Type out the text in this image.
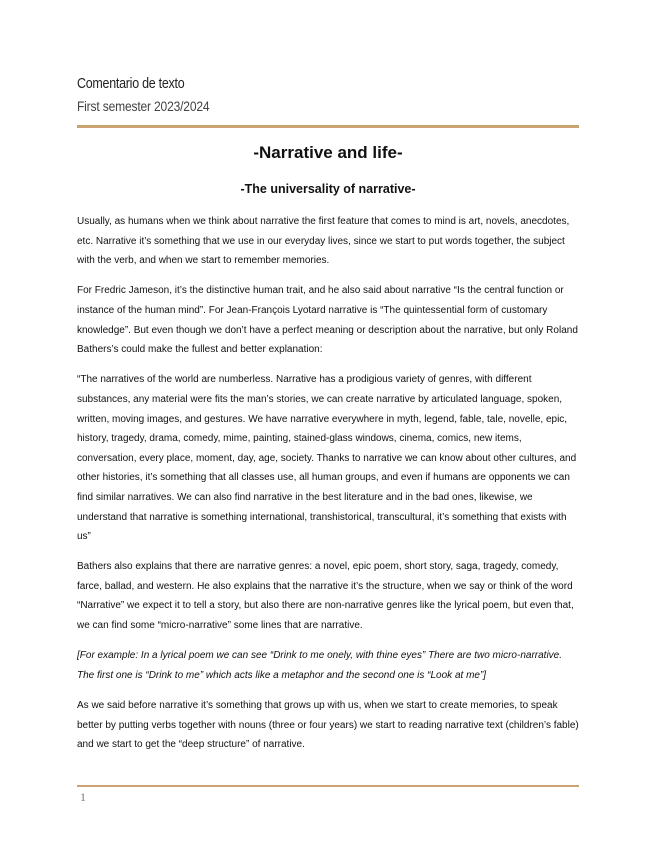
Comentario de texto
First semester 2023/2024
-Narrative and life-
-The universality of narrative-

Usually, as humans when we think about narrative the first feature that comes to mind is art, novels, anecdotes, etc. Narrative it’s something that we use in our everyday lives, since we start to put words together, the subject with the verb, and when we start to remember memories.

For Fredric Jameson, it’s the distinctive human trait, and he also said about narrative “Is the central function or instance of the human mind”. For Jean-François Lyotard narrative is “The quintessential form of customary knowledge”. But even though we don’t have a perfect meaning or description about the narrative, but only Roland Bathers’s could make the fullest and better explanation:

“The narratives of the world are numberless. Narrative has a prodigious variety of genres, with different substances, any material were fits the man’s stories, we can create narrative by articulated language, spoken, written, moving images, and gestures. We have narrative everywhere in myth, legend, fable, tale, novelle, epic, history, tragedy, drama, comedy, mime, painting, stained-glass windows, cinema, comics, new items, conversation, every place, moment, day, age, society. Thanks to narrative we can know about other cultures, and other histories, it’s something that all classes use, all human groups, and even if humans are opponents we can find similar narratives. We can also find narrative in the best literature and in the bad ones, likewise, we understand that narrative is something international, transhistorical, transcultural, it’s something that exists with us”

Bathers also explains that there are narrative genres: a novel, epic poem, short story, saga, tragedy, comedy, farce, ballad, and western. He also explains that the narrative it’s the structure, when we say or think of the word “Narrative” we expect it to tell a story, but also there are non-narrative genres like the lyrical poem, but even that, we can find some “micro-narrative” some lines that are narrative.

[For example: In a lyrical poem we can see “Drink to me onely, with thine eyes” There are two micro-narrative. The first one is “Drink to me” which acts like a metaphor and the second one is “Look at me”]

As we said before narrative it’s something that grows up with us, when we start to create memories, to speak better by putting verbs together with nouns (three or four years) we start to reading narrative text (children’s fable) and we start to get the “deep structure” of narrative.

1
